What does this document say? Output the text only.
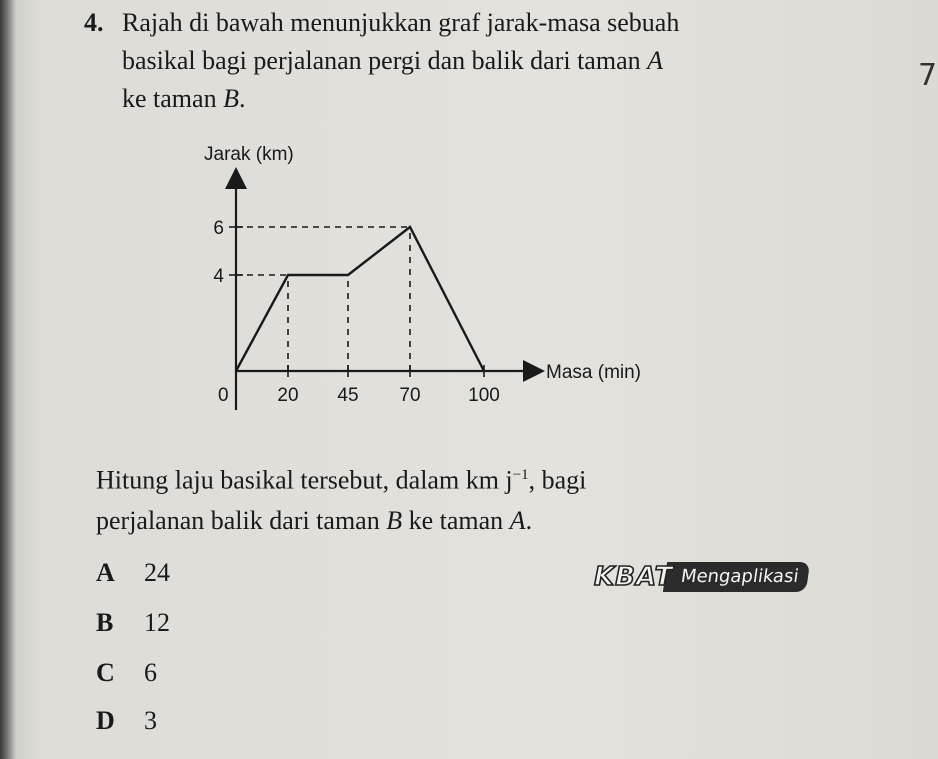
4. Rajah di bawah menunjukkan graf jarak-masa sebuah
basikal bagi perjalanan pergi dan balik dari taman A
ke taman B.
7
Jarak (km)
Masa (min)
0	20 45 70	100
4
6
Hitung laju basikal tersebut, dalam km $j^{-1}$, bagi
perjalanan balik dari taman B ke taman A.
A 24
B 12
C 6
D 3
KBAT Mengaplikasi
